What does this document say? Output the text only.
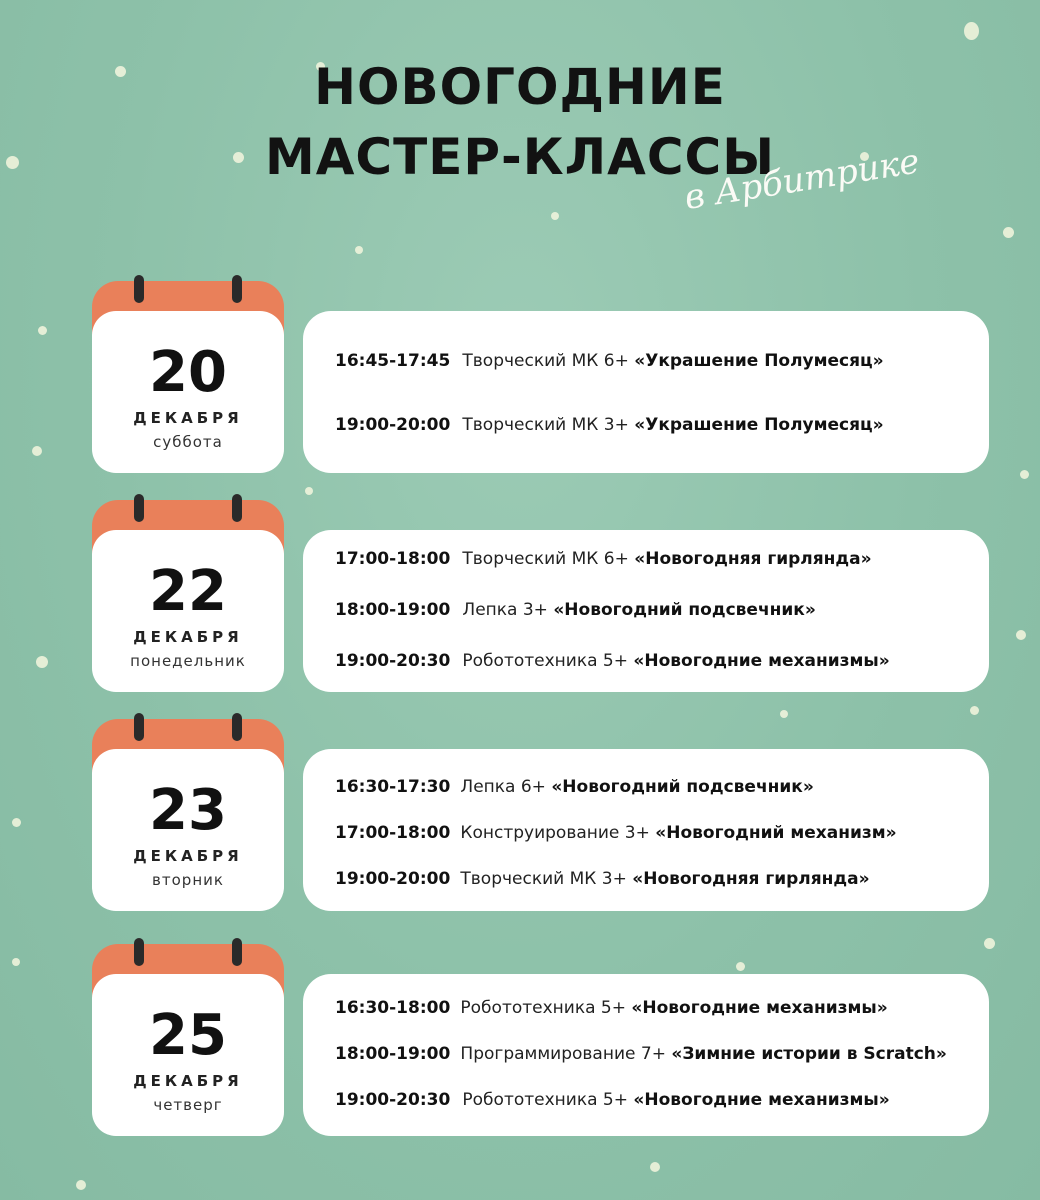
НОВОГОДНИЕ
МАСТЕР-КЛАССЫ
в Арбитрике
20
ДЕКАБРЯ
суббота
16:45-17:45 Творческий МК 6+ «Украшение Полумесяц»
19:00-20:00 Творческий МК 3+ «Украшение Полумесяц»
22
ДЕКАБРЯ
понедельник
17:00-18:00 Творческий МК 6+ «Новогодняя гирлянда»
18:00-19:00 Лепка 3+ «Новогодний подсвечник»
19:00-20:30 Робототехника 5+ «Новогодние механизмы»
23
ДЕКАБРЯ
вторник
16:30-17:30 Лепка 6+ «Новогодний подсвечник»
17:00-18:00 Конструирование 3+ «Новогодний механизм»
19:00-20:00 Творческий МК 3+ «Новогодняя гирлянда»
25
ДЕКАБРЯ
четверг
16:30-18:00 Робототехника 5+ «Новогодние механизмы»
18:00-19:00 Программирование 7+ «Зимние истории в Scratch»
19:00-20:30 Робототехника 5+ «Новогодние механизмы»
